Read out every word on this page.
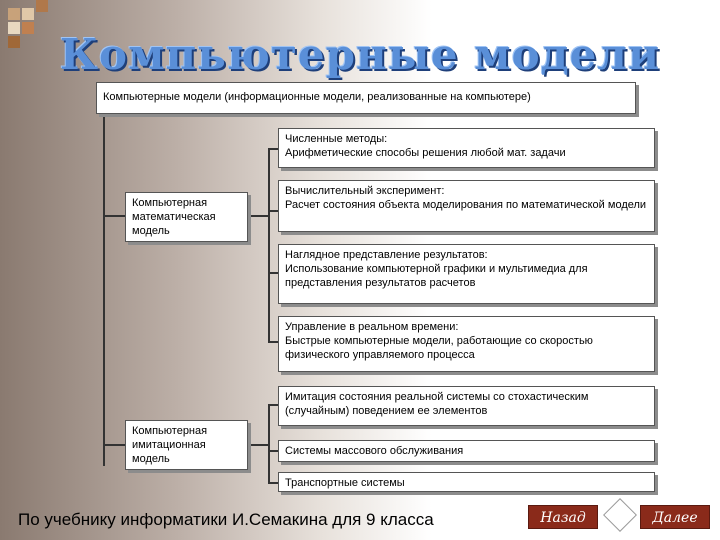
Компьютерные модели
Компьютерные модели (информационные модели, реализованные на компьютере)
Компьютерная математическая модель
Компьютерная имитационная модель
Численные методы:
Арифметические способы решения любой мат. задачи
Вычислительный эксперимент:
Расчет состояния объекта моделирования по математической модели
Наглядное представление результатов:
Использование компьютерной графики и мультимедиа для представления результатов расчетов
Управление в реальном времени:
Быстрые компьютерные модели, работающие со скоростью физического управляемого процесса
Имитация состояния реальной системы со стохастическим (случайным) поведением ее элементов
Системы массового обслуживания
Транспортные системы
По учебнику информатики И.Семакина для 9 класса	Назад	Далее
